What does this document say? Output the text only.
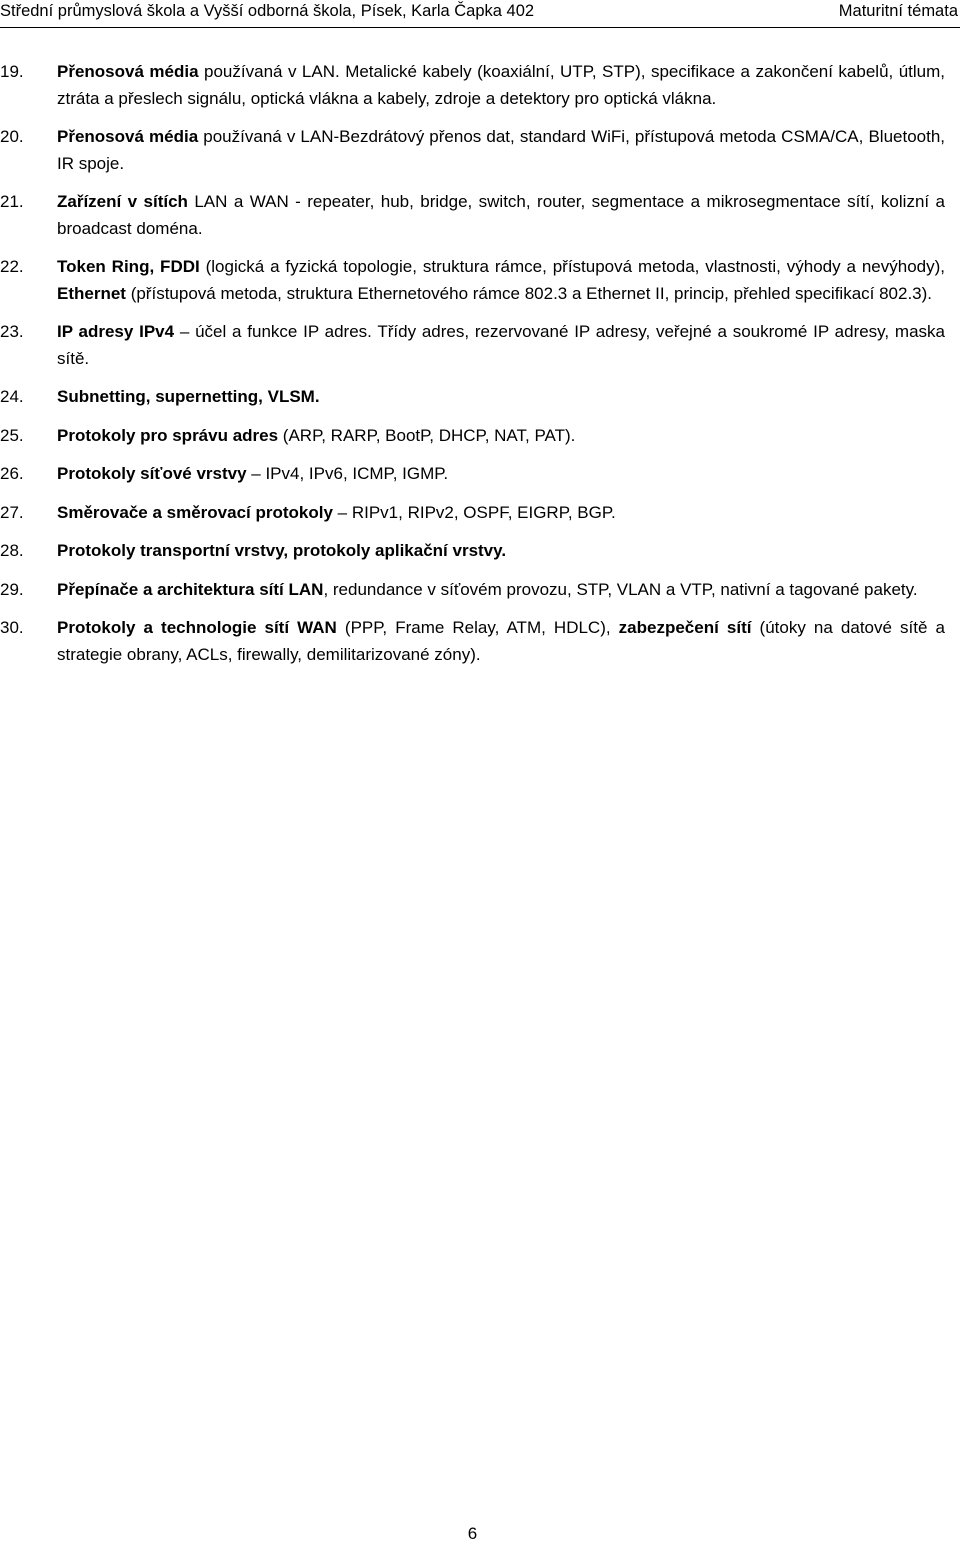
Střední průmyslová škola a Vyšší odborná škola, Písek, Karla Čapka 402	Maturitní témata
19. Přenosová média používaná v LAN. Metalické kabely (koaxiální, UTP, STP), specifikace a zakončení kabelů, útlum, ztráta a přeslech signálu, optická vlákna a kabely, zdroje a detektory pro optická vlákna.
20. Přenosová média používaná v LAN-Bezdrátový přenos dat, standard WiFi, přístupová metoda CSMA/CA, Bluetooth, IR spoje.
21. Zařízení v sítích LAN a WAN - repeater, hub, bridge, switch, router, segmentace a mikrosegmentace sítí, kolizní a broadcast doména.
22. Token Ring, FDDI (logická a fyzická topologie, struktura rámce, přístupová metoda, vlastnosti, výhody a nevýhody), Ethernet (přístupová metoda, struktura Ethernetového rámce 802.3 a Ethernet II, princip, přehled specifikací 802.3).
23. IP adresy IPv4 – účel a funkce IP adres. Třídy adres, rezervované IP adresy, veřejné a soukromé IP adresy, maska sítě.
24. Subnetting, supernetting, VLSM.
25. Protokoly pro správu adres (ARP, RARP, BootP, DHCP, NAT, PAT).
26. Protokoly síťové vrstvy – IPv4, IPv6, ICMP, IGMP.
27. Směrovače a směrovací protokoly – RIPv1, RIPv2, OSPF, EIGRP, BGP.
28. Protokoly transportní vrstvy, protokoly aplikační vrstvy.
29. Přepínače a architektura sítí LAN, redundance v síťovém provozu, STP, VLAN a VTP, nativní a tagované pakety.
30. Protokoly a technologie sítí WAN (PPP, Frame Relay, ATM, HDLC), zabezpečení sítí (útoky na datové sítě a strategie obrany, ACLs, firewally, demilitarizované zóny).
6
